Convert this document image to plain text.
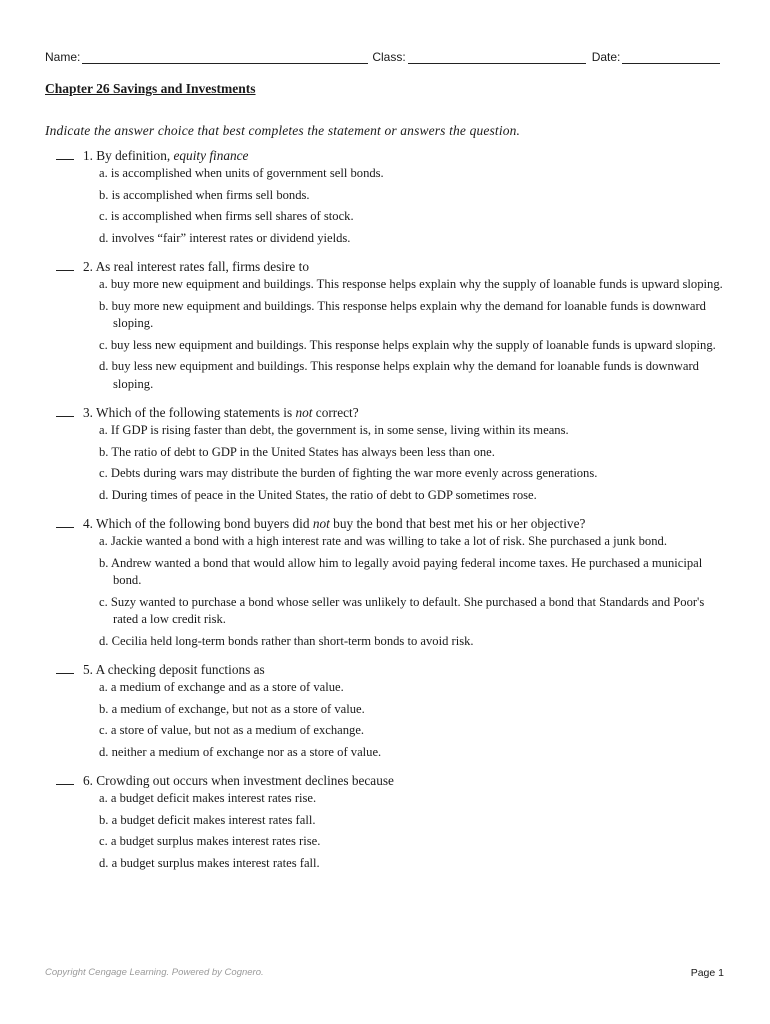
Name:	Class:	Date:
Chapter 26 Savings and Investments
Indicate the answer choice that best completes the statement or answers the question.
1. By definition, equity finance
a. is accomplished when units of government sell bonds.
b. is accomplished when firms sell bonds.
c. is accomplished when firms sell shares of stock.
d. involves “fair” interest rates or dividend yields.
2. As real interest rates fall, firms desire to
a. buy more new equipment and buildings. This response helps explain why the supply of loanable funds is upward sloping.
b. buy more new equipment and buildings. This response helps explain why the demand for loanable funds is downward sloping.
c. buy less new equipment and buildings. This response helps explain why the supply of loanable funds is upward sloping.
d. buy less new equipment and buildings. This response helps explain why the demand for loanable funds is downward sloping.
3. Which of the following statements is not correct?
a. If GDP is rising faster than debt, the government is, in some sense, living within its means.
b. The ratio of debt to GDP in the United States has always been less than one.
c. Debts during wars may distribute the burden of fighting the war more evenly across generations.
d. During times of peace in the United States, the ratio of debt to GDP sometimes rose.
4. Which of the following bond buyers did not buy the bond that best met his or her objective?
a. Jackie wanted a bond with a high interest rate and was willing to take a lot of risk. She purchased a junk bond.
b. Andrew wanted a bond that would allow him to legally avoid paying federal income taxes. He purchased a municipal bond.
c. Suzy wanted to purchase a bond whose seller was unlikely to default. She purchased a bond that Standards and Poor's rated a low credit risk.
d. Cecilia held long-term bonds rather than short-term bonds to avoid risk.
5. A checking deposit functions as
a. a medium of exchange and as a store of value.
b. a medium of exchange, but not as a store of value.
c. a store of value, but not as a medium of exchange.
d. neither a medium of exchange nor as a store of value.
6. Crowding out occurs when investment declines because
a. a budget deficit makes interest rates rise.
b. a budget deficit makes interest rates fall.
c. a budget surplus makes interest rates rise.
d. a budget surplus makes interest rates fall.
Copyright Cengage Learning. Powered by Cognero.	Page 1
